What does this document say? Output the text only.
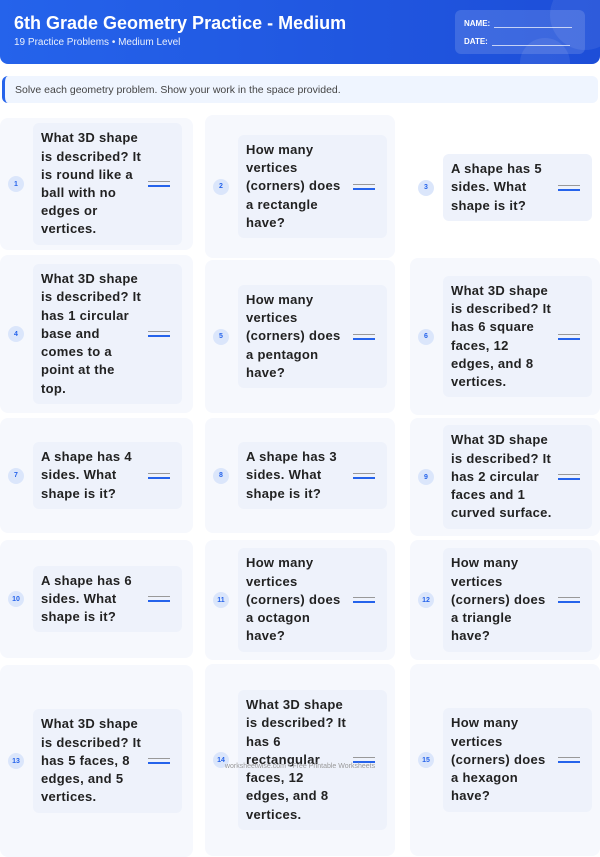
6th Grade Geometry Practice - Medium
19 Practice Problems • Medium Level
NAME:
DATE:
Solve each geometry problem. Show your work in the space provided.
1
What 3D shape is described? It is round like a ball with no edges or vertices.
2
How many vertices (corners) does a rectangle have?
3
A shape has 5 sides. What shape is it?
4
What 3D shape is described? It has 1 circular base and comes to a point at the top.
5
How many vertices (corners) does a pentagon have?
6
What 3D shape is described? It has 6 square faces, 12 edges, and 8 vertices.
7
A shape has 4 sides. What shape is it?
8
A shape has 3 sides. What shape is it?
9
What 3D shape is described? It has 2 circular faces and 1 curved surface.
10
A shape has 6 sides. What shape is it?
11
How many vertices (corners) does a octagon have?
12
How many vertices (corners) does a triangle have?
13
What 3D shape is described? It has 5 faces, 8 edges, and 5 vertices.
14
What 3D shape is described? It has 6 rectangular faces, 12 edges, and 8 vertices.
15
How many vertices (corners) does a hexagon have?
worksheetwise.com • Free Printable Worksheets
